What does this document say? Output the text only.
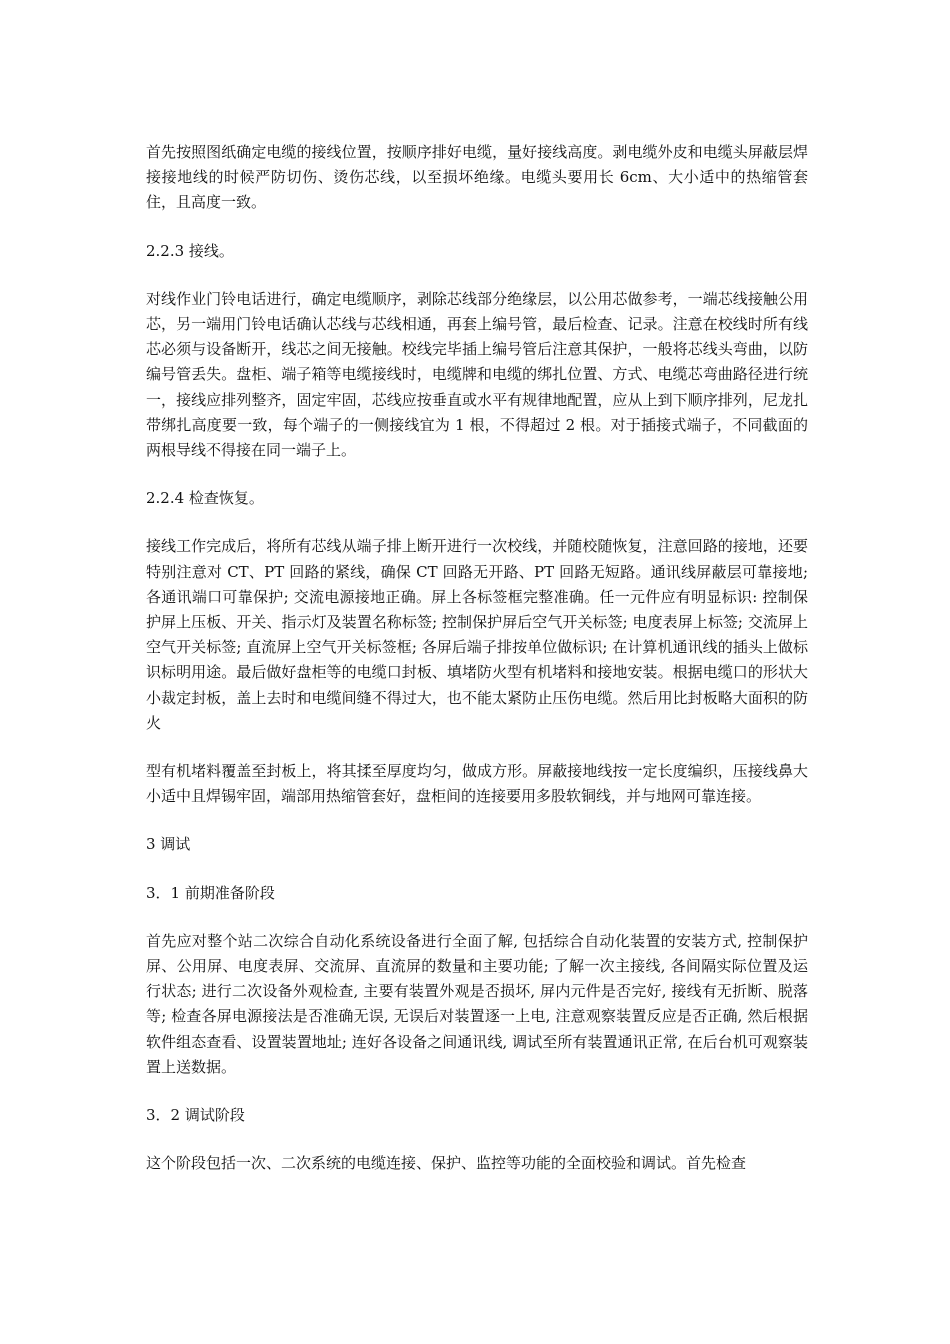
首先按照图纸确定电缆的接线位置，按顺序排好电缆，量好接线高度。剥电缆外皮和电缆头屏蔽层焊接接地线的时候严防切伤、烫伤芯线，以至损坏绝缘。电缆头要用长 6cm、大小适中的热缩管套住，且高度一致。

2.2.3 接线。

对线作业门铃电话进行，确定电缆顺序，剥除芯线部分绝缘层，以公用芯做参考，一端芯线接触公用芯，另一端用门铃电话确认芯线与芯线相通，再套上编号管，最后检查、记录。注意在校线时所有线芯必须与设备断开，线芯之间无接触。校线完毕插上编号管后注意其保护，一般将芯线头弯曲，以防编号管丢失。盘柜、端子箱等电缆接线时，电缆牌和电缆的绑扎位置、方式、电缆芯弯曲路径进行统一，接线应排列整齐，固定牢固，芯线应按垂直或水平有规律地配置，应从上到下顺序排列，尼龙扎带绑扎高度要一致，每个端子的一侧接线宜为 1 根，不得超过 2 根。对于插接式端子，不同截面的两根导线不得接在同一端子上。

2.2.4 检查恢复。

接线工作完成后，将所有芯线从端子排上断开进行一次校线，并随校随恢复，注意回路的接地，还要特别注意对 CT、PT 回路的紧线，确保 CT 回路无开路、PT 回路无短路。通讯线屏蔽层可靠接地; 各通讯端口可靠保护; 交流电源接地正确。屏上各标签框完整准确。任一元件应有明显标识: 控制保护屏上压板、开关、指示灯及装置名称标签; 控制保护屏后空气开关标签; 电度表屏上标签; 交流屏上空气开关标签; 直流屏上空气开关标签框; 各屏后端子排按单位做标识; 在计算机通讯线的插头上做标识标明用途。最后做好盘柜等的电缆口封板、填堵防火型有机堵料和接地安装。根据电缆口的形状大小裁定封板，盖上去时和电缆间缝不得过大，也不能太紧防止压伤电缆。然后用比封板略大面积的防火

型有机堵料覆盖至封板上，将其揉至厚度均匀，做成方形。屏蔽接地线按一定长度编织，压接线鼻大小适中且焊锡牢固，端部用热缩管套好，盘柜间的连接要用多股软铜线，并与地网可靠连接。

3 调试

3．1 前期准备阶段

首先应对整个站二次综合自动化系统设备进行全面了解, 包括综合自动化装置的安装方式, 控制保护屏、公用屏、电度表屏、交流屏、直流屏的数量和主要功能; 了解一次主接线, 各间隔实际位置及运行状态; 进行二次设备外观检查, 主要有装置外观是否损坏, 屏内元件是否完好, 接线有无折断、脱落等; 检查各屏电源接法是否准确无误, 无误后对装置逐一上电, 注意观察装置反应是否正确, 然后根据软件组态查看、设置装置地址; 连好各设备之间通讯线, 调试至所有装置通讯正常, 在后台机可观察装置上送数据。

3．2 调试阶段

这个阶段包括一次、二次系统的电缆连接、保护、监控等功能的全面校验和调试。首先检查
